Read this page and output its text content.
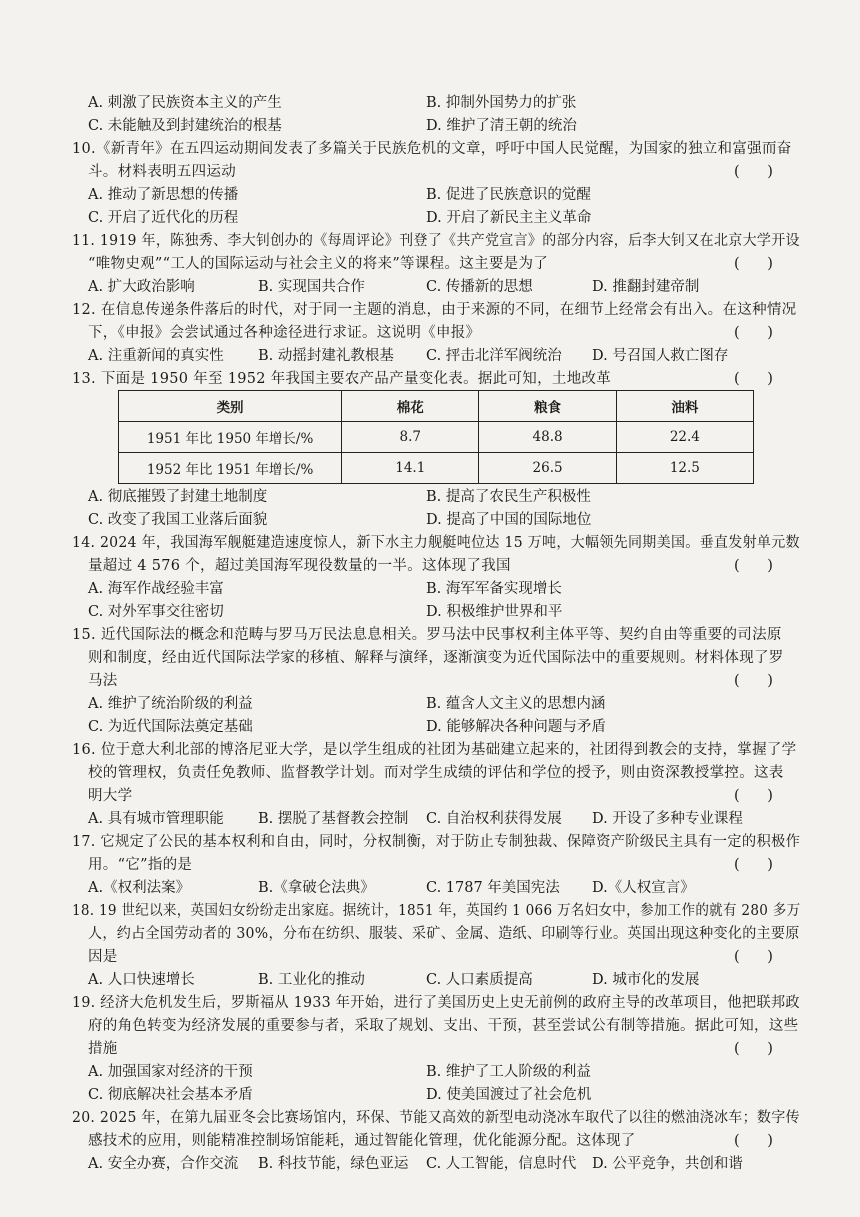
A. 刺激了民族资本主义的产生	B. 抑制外国势力的扩张
C. 未能触及到封建统治的根基	D. 维护了清王朝的统治
10.《新青年》在五四运动期间发表了多篇关于民族危机的文章，呼吁中国人民觉醒，为国家的独立和富强而奋
斗。材料表明五四运动	(      )
A. 推动了新思想的传播	B. 促进了民族意识的觉醒
C. 开启了近代化的历程	D. 开启了新民主主义革命
11. 1919 年，陈独秀、李大钊创办的《每周评论》刊登了《共产党宣言》的部分内容，后李大钊又在北京大学开设
“唯物史观”“工人的国际运动与社会主义的将来”等课程。这主要是为了	(      )
A. 扩大政治影响	B. 实现国共合作	C. 传播新的思想	D. 推翻封建帝制
12. 在信息传递条件落后的时代，对于同一主题的消息，由于来源的不同，在细节上经常会有出入。在这种情况
下，《申报》会尝试通过各种途径进行求证。这说明《申报》	(      )
A. 注重新闻的真实性 B. 动摇封建礼教根基 C. 抨击北洋军阀统治 D. 号召国人救亡图存
13. 下面是 1950 年至 1952 年我国主要农产品产量变化表。据此可知，土地改革	(      )
类别	棉花	粮食	油料
1951 年比 1950 年增长/%	8.7	48.8	22.4
1952 年比 1951 年增长/%	14.1	26.5	12.5
A. 彻底摧毁了封建土地制度	B. 提高了农民生产积极性
C. 改变了我国工业落后面貌	D. 提高了中国的国际地位
14. 2024 年，我国海军舰艇建造速度惊人，新下水主力舰艇吨位达 15 万吨，大幅领先同期美国。垂直发射单元数
量超过 4 576 个，超过美国海军现役数量的一半。这体现了我国	(      )
A. 海军作战经验丰富	B. 海军军备实现增长
C. 对外军事交往密切	D. 积极维护世界和平
15. 近代国际法的概念和范畴与罗马万民法息息相关。罗马法中民事权利主体平等、契约自由等重要的司法原
则和制度，经由近代国际法学家的移植、解释与演绎，逐渐演变为近代国际法中的重要规则。材料体现了罗
马法	(      )
A. 维护了统治阶级的利益	B. 蕴含人文主义的思想内涵
C. 为近代国际法奠定基础	D. 能够解决各种问题与矛盾
16. 位于意大利北部的博洛尼亚大学，是以学生组成的社团为基础建立起来的，社团得到教会的支持，掌握了学
校的管理权，负责任免教师、监督教学计划。而对学生成绩的评估和学位的授予，则由资深教授掌控。这表
明大学	(      )
A. 具有城市管理职能 B. 摆脱了基督教会控制 C. 自治权利获得发展 D. 开设了多种专业课程
17. 它规定了公民的基本权利和自由，同时，分权制衡，对于防止专制独裁、保障资产阶级民主具有一定的积极作
用。“它”指的是	(      )
A.《权利法案》	B.《拿破仑法典》	C. 1787 年美国宪法 D.《人权宣言》
18. 19 世纪以来，英国妇女纷纷走出家庭。据统计，1851 年，英国约 1 066 万名妇女中，参加工作的就有 280 多万
人，约占全国劳动者的 30%，分布在纺织、服装、采矿、金属、造纸、印刷等行业。英国出现这种变化的主要原
因是	(      )
A. 人口快速增长	B. 工业化的推动	C. 人口素质提高	D. 城市化的发展
19. 经济大危机发生后，罗斯福从 1933 年开始，进行了美国历史上史无前例的政府主导的改革项目，他把联邦政
府的角色转变为经济发展的重要参与者，采取了规划、支出、干预，甚至尝试公有制等措施。据此可知，这些
措施	(      )
A. 加强国家对经济的干预	B. 维护了工人阶级的利益
C. 彻底解决社会基本矛盾	D. 使美国渡过了社会危机
20. 2025 年，在第九届亚冬会比赛场馆内，环保、节能又高效的新型电动浇冰车取代了以往的燃油浇冰车；数字传
感技术的应用，则能精准控制场馆能耗，通过智能化管理，优化能源分配。这体现了	(      )
A. 安全办赛，合作交流 B. 科技节能，绿色亚运 C. 人工智能，信息时代 D. 公平竞争，共创和谐
